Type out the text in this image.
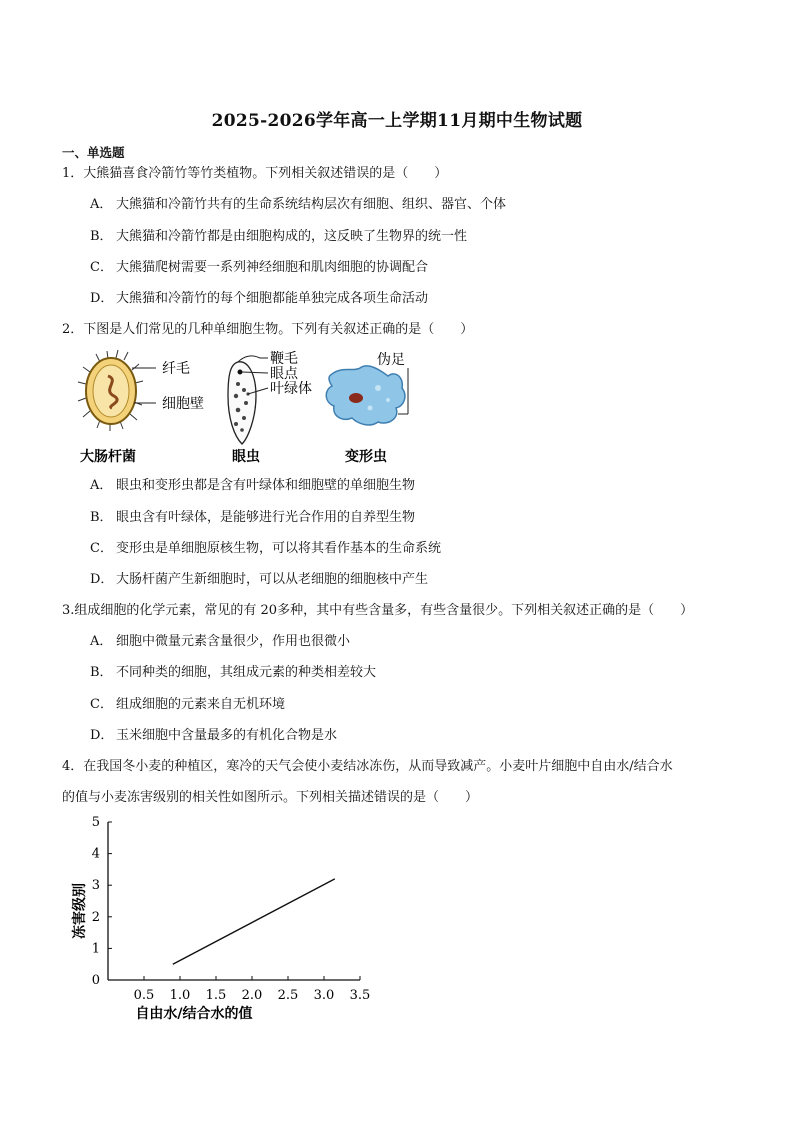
2025-2026学年高一上学期11月期中生物试题
一、单选题
1．大熊猫喜食冷箭竹等竹类植物。下列相关叙述错误的是（　　）
A． 大熊猫和冷箭竹共有的生命系统结构层次有细胞、组织、器官、个体
B． 大熊猫和冷箭竹都是由细胞构成的，这反映了生物界的统一性
C． 大熊猫爬树需要一系列神经细胞和肌肉细胞的协调配合
D． 大熊猫和冷箭竹的每个细胞都能单独完成各项生命活动
2．下图是人们常见的几种单细胞生物。下列有关叙述正确的是（　　）
纤毛
细胞壁
大肠杆菌
鞭毛
眼点
叶绿体
眼虫
伪足
变形虫
A． 眼虫和变形虫都是含有叶绿体和细胞壁的单细胞生物
B． 眼虫含有叶绿体，是能够进行光合作用的自养型生物
C． 变形虫是单细胞原核生物，可以将其看作基本的生命系统
D． 大肠杆菌产生新细胞时，可以从老细胞的细胞核中产生
3.组成细胞的化学元素，常见的有 20多种，其中有些含量多，有些含量很少。下列相关叙述正确的是（　　）
A． 细胞中微量元素含量很少，作用也很微小
B． 不同种类的细胞，其组成元素的种类相差较大
C． 组成细胞的元素来自无机环境
D． 玉米细胞中含量最多的有机化合物是水
4．在我国冬小麦的种植区，寒冷的天气会使小麦结冰冻伤，从而导致减产。小麦叶片细胞中自由水/结合水
的值与小麦冻害级别的相关性如图所示。下列相关描述错误的是（　　）
0.5 1.0 1.5 2.0 2.5 3.0 3.5
0
1
2
3
4
5
冻害级别
自由水/结合水的值
